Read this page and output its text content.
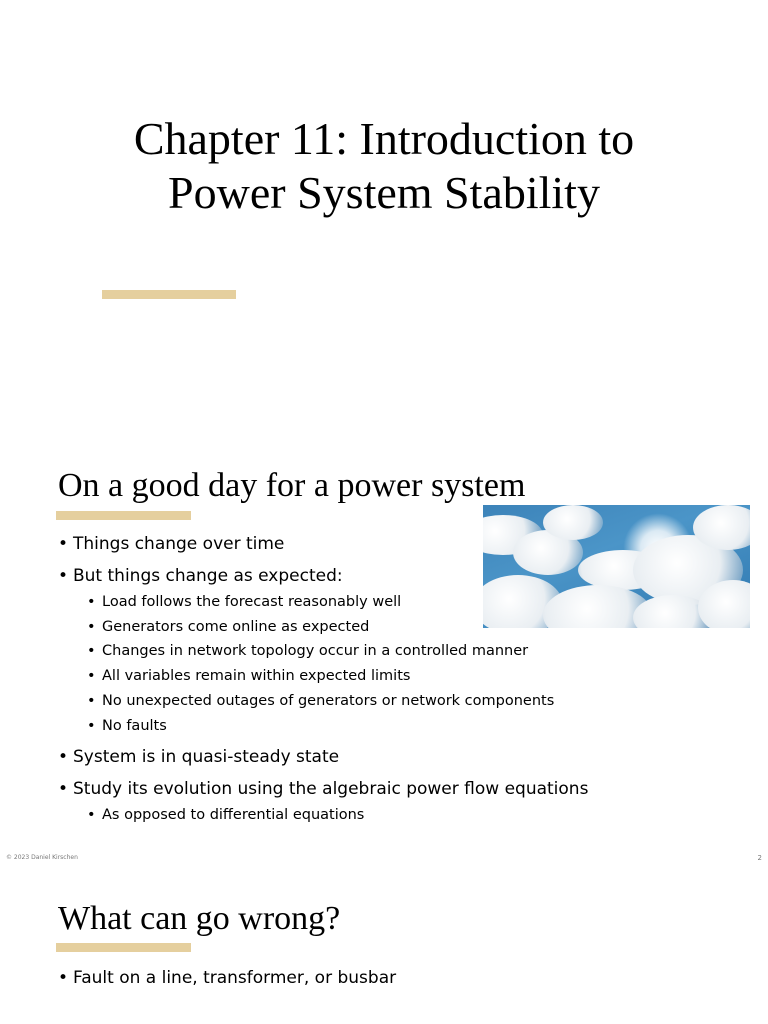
Chapter 11: Introduction to
Power System Stability
On a good day for a power system
• Things change over time
• But things change as expected:
• Load follows the forecast reasonably well
• Generators come online as expected
• Changes in network topology occur in a controlled manner
• All variables remain within expected limits
• No unexpected outages of generators or network components
• No faults
• System is in quasi-steady state
• Study its evolution using the algebraic power flow equations
• As opposed to differential equations
© 2023 Daniel Kirschen	2
What can go wrong?
• Fault on a line, transformer, or busbar
